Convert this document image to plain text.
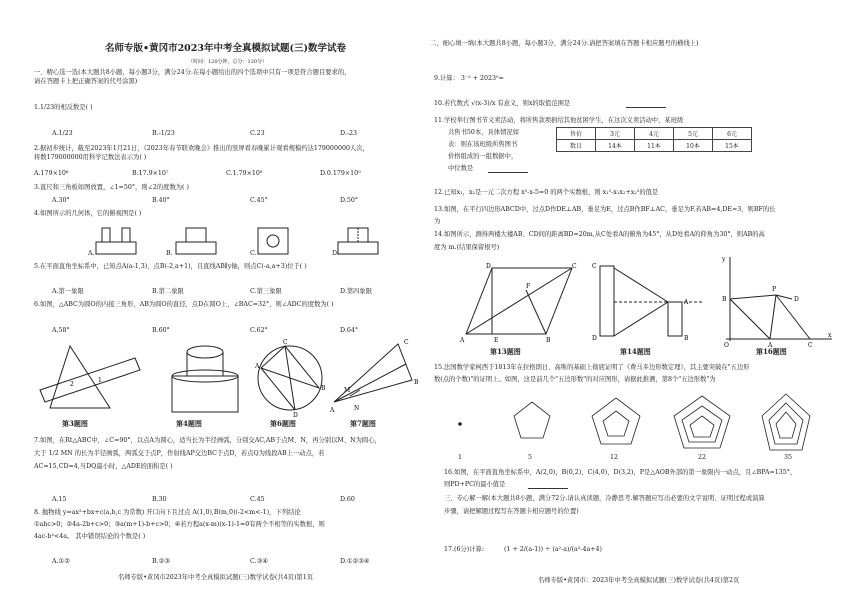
名师专版•黄冈市2023年中考全真模拟试题(三)数学试卷
（时间：120分钟，总分：120分）
一、精心选一选(本大题共8小题，每小题3分，满分24分.在每小题给出的四个选项中只有一项是符合题目要求的，
请在答题卡上把正确答案的代号涂黑)
1.1/23的相反数是( )
A.1/23	B.-1/23	C.23	D.-23
2.据初步统计，截至2023年1月21日，《2023年春节联欢晚会》推出的竖屏看春晚累计观看规模约达179000000人次，
将数179000000用科学记数法表示为( )
A.179×10⁶	B.17.9×10⁷	C.1.79×10⁸	D.0.179×10⁹
3.直尺和三角板如图放置，∠1=50°，则∠2的度数为( )
A.30°	B.40°	C.45°	D.50°
4.如图所示的几何体，它的俯视图是( )
A.	B.	C.	D.
5.在平面直角坐标系中，已知点A(a-1,3)，点B(-2,a+1)，且直线AB∥y轴，则点C(-a,a+3)位于( )
A.第一象限	B.第二象限	C.第三象限	D.第四象限
6.如图，△ABC为圆O的内接三角形，AB为圆O的直径，点D在圆O上，∠BAC=32°，则∠ADC的度数为( )
A.58°	B.60°	C.62°	D.64°
2
1
A
B
C
D
A
C
B
M
N
第3题图	第4题图	第6题图	第7题图
7.如图，在Rt△ABC中，∠C=90°，以点A为圆心，适当长为半径画弧，分别交AC,AB于点M、N，再分别以M、N为圆心，
大于 1/2 MN 的长为半径画弧，两弧交于点P，作射线AP交边BC于点D，若点Q为线段AB上一动点，若
AC=15,CD=4,当DQ最小时，△ADE的面积是( )
A.15	B.30	C.45	D.60
8. 抛物线 y=ax²+bx+c(a,b,c 为常数) 开口向下且过点 A(1,0),B(m,0)(-2<m<-1)，下列结论
①abc>0；②4a-2b+c>0；③a(m+1)-b+c>0；④若方程a(x-m)(x-1)-1=0有两个不相等的实数根，则
4ac-b²<4a。 其中错误结论的个数是( )
A.①②	B.②③	C.③④	D.①②③④
名师专版•黄冈市2023年中考全真模拟试题(三)数学试卷(共4页)第1页
二、细心填一填(本大题共8小题，每小题3分，满分24分.请把答案填在答题卡相应题号的横线上)
9.计算： 3⁻² + 2023⁰=
10.若代数式 √(x-3)/x 有意义，则x的取值范围是
11.学校举行图书节义卖活动，将所售款项捐给其他贫困学生，在这次义卖活动中，某班级
共售书50本，具体情况如
表：则在该班级所售图书
价格组成的一组数据中，
中位数是
售价	3元	4元	5元	6元
数目	14本	11本	10本	15本
12.已知x₁，x₂是一元二次方程 x²-x-5=0 的两个实数根，则 x₁²-x₁x₂+x₂²的值是
13.如图，在平行四边形ABCD中，过点D作DE⊥AB，垂足为E，过点B作BF⊥AC，垂足为F.若AB=4,DE=3，则BF的长
为
14.如图所示，测得两楼大楼AB、CD间的距离BD=20m,从C处看A的俯角为45°，从D处看A的仰角为30°，则AB的高
度为 m.(结果保留根号)
A	B
C
D
E
F
C
D
A
B
y
x
O	A	C
B	D
P
第13题图	第14题图	第16题图
15.法国数学家柯西于1813年在拉格朗日、高斯的基础上彻底证明了《费马多边形数定理》，其主要突破在"五边形
数(点的个数)"的证明上。如图，这是前几个"五边形数"的对应图形，请据此推测，第8个"五边形数"为
1	5	12	22	35
16.如图，在平面直角坐标系中，A(2,0)，B(0,2)，C(4,0)，D(3,2)，P是△AOB外部的第一象限内一动点，且∠BPA=135°，
则PD+PC的最小值是
三、专心解一解(本大题共8小题，满分72分.请认真读题，冷静思考.解答题应写出必要的文字说明、证明过程或演算
步骤，请把解题过程写在答题卡相应题号的位置)
17.(6分)计算:	(1 + 2/(a-1)) ÷ (a²-a)/(a²-4a+4)
名师专版•黄冈市：2023年中考全真模拟试题(三)数学试卷(共4页)第2页
